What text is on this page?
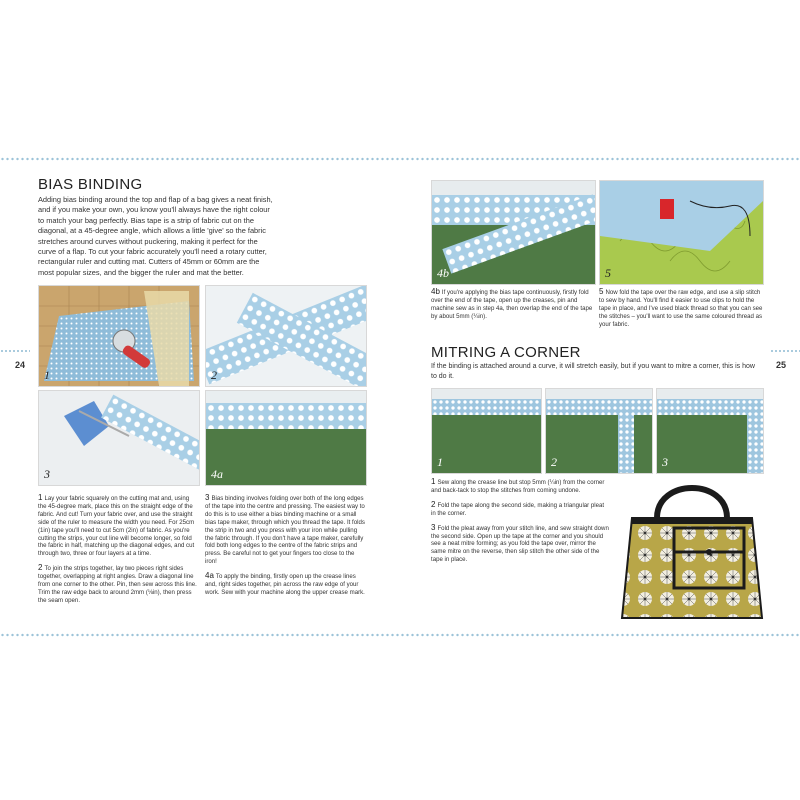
24	25
BIAS BINDING
Adding bias binding around the top and flap of a bag gives a neat finish, and if you make your own, you know you'll always have the right colour to match your bag perfectly. Bias tape is a strip of fabric cut on the diagonal, at a 45-degree angle, which allows a little 'give' so the fabric stretches around curves without puckering, making it perfect for the curve of a flap. To cut your fabric accurately you'll need a rotary cutter, rectangular ruler and cutting mat. Cutters of 45mm or 60mm are the most popular sizes, and the bigger the ruler and mat the better.
1	2
3	4a

1 Lay your fabric squarely on the cutting mat and, using the 45-degree mark, place this on the straight edge of the fabric. And cut! Turn your fabric over, and use the straight side of the ruler to measure the width you need. For 25cm (1in) tape you'll need to cut 5cm (2in) of fabric. As you're cutting the strips, your cut line will become longer, so fold the fabric in half, matching up the diagonal edges, and cut through two, three or four layers at a time.

2 To join the strips together, lay two pieces right sides together, overlapping at right angles. Draw a diagonal line from one corner to the other. Pin, then sew across this line. Trim the raw edge back to around 2mm (⅛in), then press the seam open.

3 Bias binding involves folding over both of the long edges of the tape into the centre and pressing. The easiest way to do this is to use either a bias binding machine or a small bias tape maker, through which you thread the tape. It folds the strip in two and you press with your iron while pulling the fabric through. If you don't have a tape maker, carefully fold both long edges to the centre of the fabric strips and press. Be careful not to get your fingers too close to the iron!

4a To apply the binding, firstly open up the crease lines and, right sides together, pin across the raw edge of your work. Sew with your machine along the upper crease mark.

4b	5
4b If you're applying the bias tape continuously, firstly fold over the end of the tape, open up the creases, pin and machine sew as in step 4a, then overlap the end of the tape by about 5mm (¼in).
5 Now fold the tape over the raw edge, and use a slip stitch to sew by hand. You'll find it easier to use clips to hold the tape in place, and I've used black thread so that you can see the stitches – you'll want to use the same coloured thread as your fabric.
MITRING A CORNER
If the binding is attached around a curve, it will stretch easily, but if you want to mitre a corner, this is how to do it.
1	2	3

1 Sew along the crease line but stop 5mm (¼in) from the corner and back-tack to stop the stitches from coming undone.

2 Fold the tape along the second side, making a triangular pleat in the corner.

3 Fold the pleat away from your stitch line, and sew straight down the second side. Open up the tape at the corner and you should see a neat mitre forming; as you fold the tape over, mirror the same mitre on the reverse, then slip stitch the other side of the tape in place.
